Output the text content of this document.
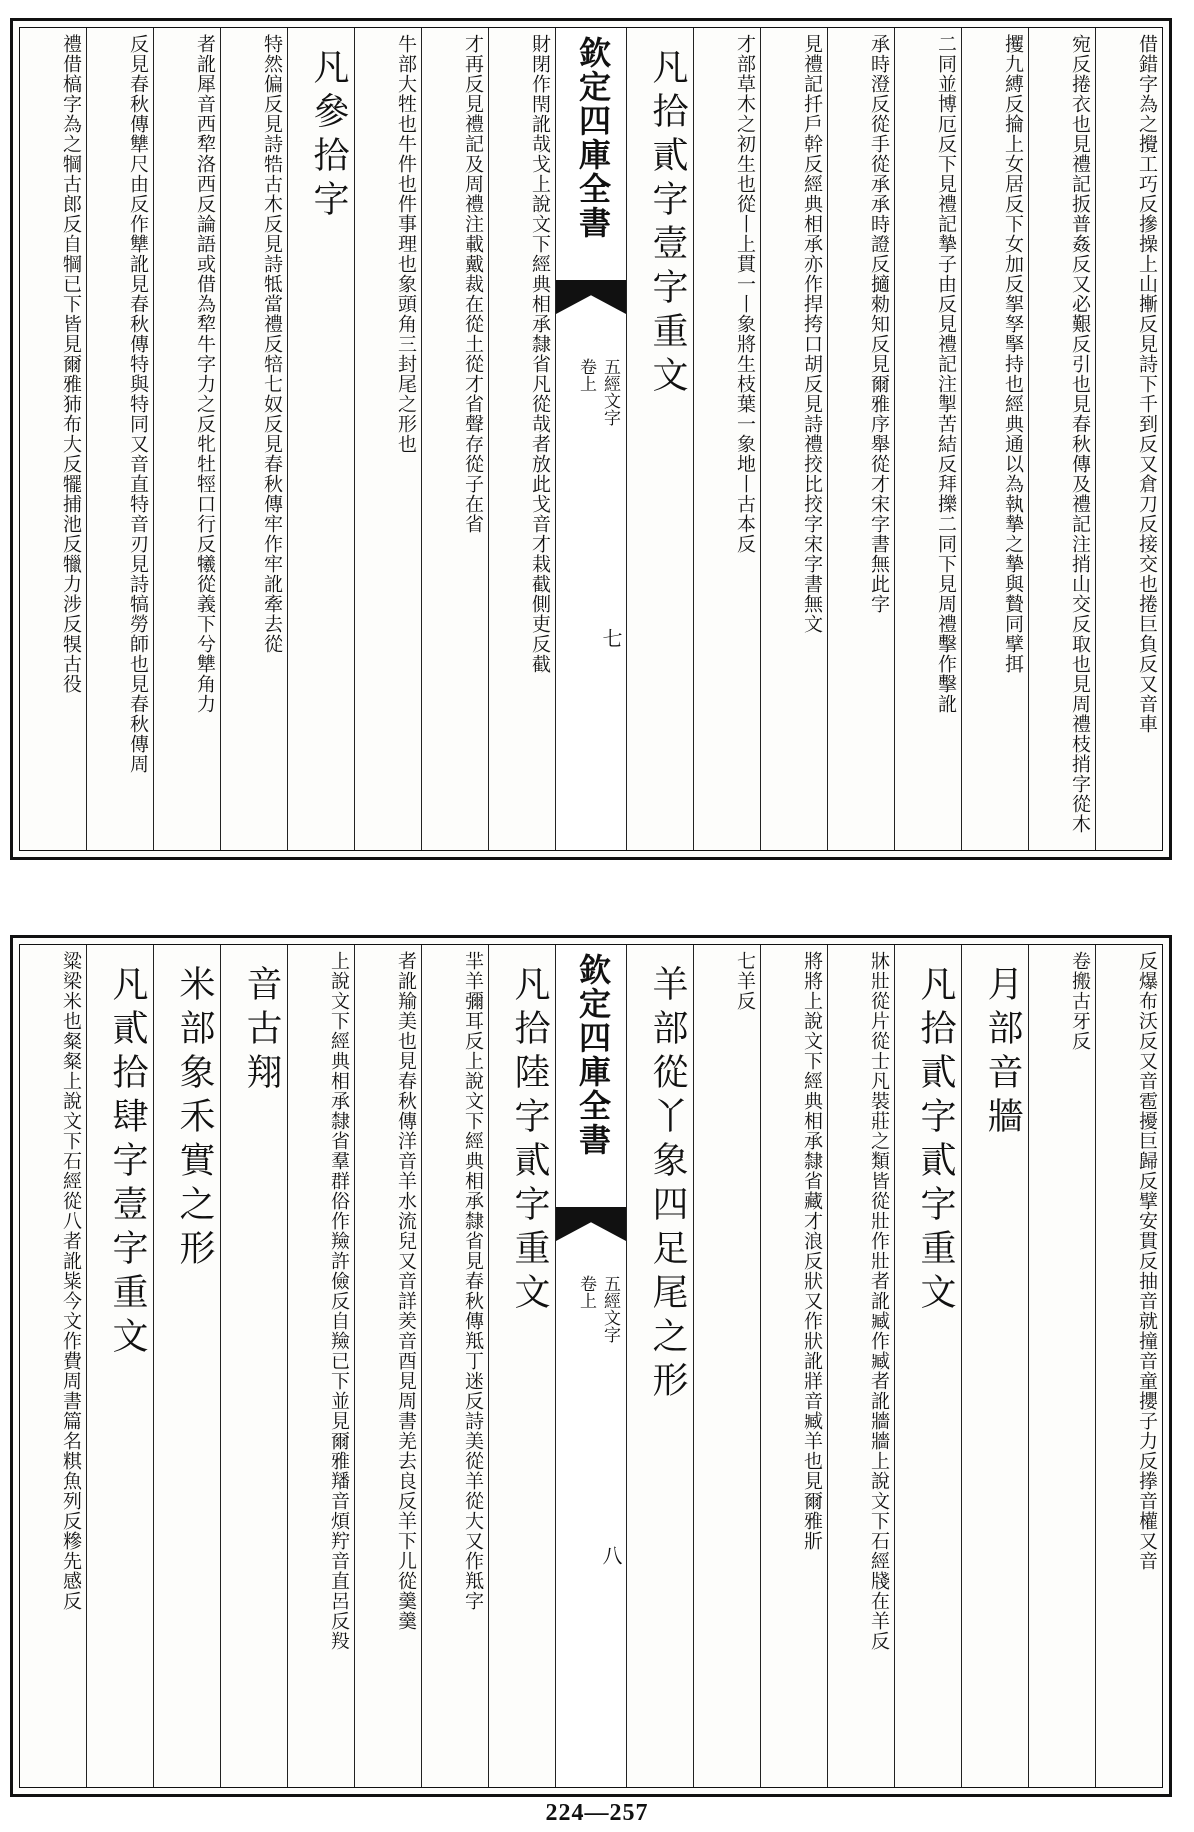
借錯字為之攪工巧反摻操上山摲反見詩下千到反又倉刀反接交也捲巨負反又音車
宛反捲衣也見禮記扳普姦反又必艱反引也見春秋傳及禮記注捎山交反取也見周禮枝捎字從木
攫九縛反掄上女居反下女加反挐孥掔持也經典通以為執摯之摯與贄同擘挕
二同並博厄反下見禮記摯子由反見禮記注掣苦結反拜擽二同下見周禮擊作擊訛
承時澄反從手從承承時證反擿勑知反見爾雅序舉從才宋字書無此字
見禮記扦戶幹反經典相承亦作捍挎口胡反見詩禮挍比挍字宋字書無文
才部草木之初生也從丨上貫一丨象將生枝葉一象地丨古本反
凡拾貳字壹字重文
欽定四庫全書
五經文字
卷上
七
財閉作閇訛哉戈上說文下經典相承隸省凡從哉者放此戈音才栽截側吏反截
才再反見禮記及周禮注載戴裁在從土從才省聲存從子在省
牛部大牲也牛件也件事理也象頭角三封尾之形也
凡參拾字
特然偏反見詩牿古木反見詩牴當禮反犃七奴反見春秋傳牢作牢訛牽去從
者訛犀音西犂洛西反論語或借為犂牛字力之反牝牡牼口行反犧從義下兮犨角力
反見春秋傳犨尺由反作犨訛見春秋傳特與特同又音直特音刃見詩犒勞師也見春秋傳周
禮借槁字為之犅古郎反自犅已下皆見爾雅犻布大反犤捕池反犣力涉反犑古役
反爆布沃反又音雹擾巨歸反擘安貫反抽音就撞音童攖子力反搼音權又音
卷搬古牙反
月部音牆
凡拾貳字貳字重文
牀壯從片從士凡裝莊之類皆從壯作壯者訛臧作臧者訛牆牆上說文下石經牋在羊反
將將上說文下經典相承隸省藏才浪反狀又作狀訛牂音臧羊也見爾雅斨
七羊反
羊部從丫象四足尾之形
欽定四庫全書
五經文字
卷上
八
凡拾陸字貳字重文
羋羊彌耳反上說文下經典相承隸省見春秋傳羝丁迷反詩美從羊從大又作羝字
者訛羭美也見春秋傳洋音羊水流兒又音詳羑音酉見周書羌去良反羊下儿從羹羹
上說文下經典相承隸省羣群俗作羷許儉反自羷已下並見爾雅羳音煩羜音直呂反羖
音古翔
米部象禾實之形
凡貳拾肆字壹字重文
粱梁米也粲粲上說文下石經從八者訛粊今文作費周書篇名粸魚列反糝先感反
224—257
